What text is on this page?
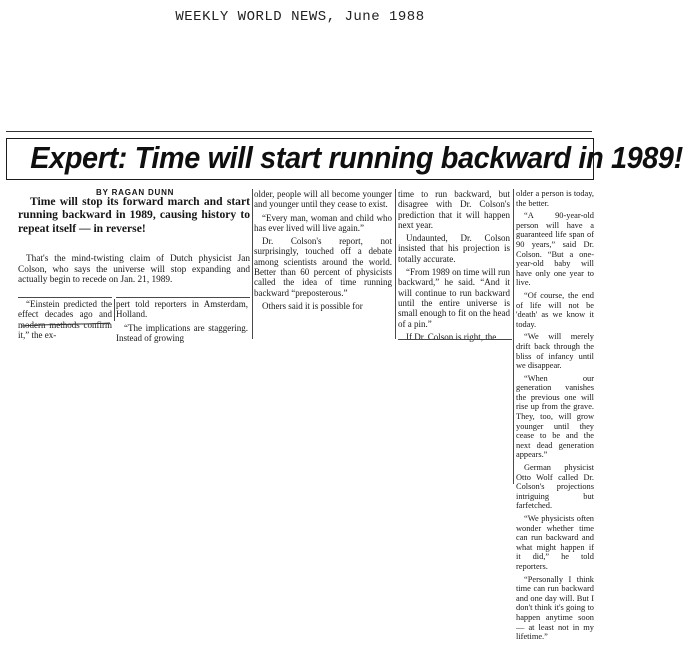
WEEKLY WORLD NEWS, June 1988
Expert: Time will start running backward in 1989!
BY RAGAN DUNN

Time will stop its forward march and start running backward in 1989, causing history to repeat itself — in reverse!

That's the mind-twisting claim of Dutch physicist Jan Colson, who says the universe will stop expanding and actually begin to recede on Jan. 21, 1989.

“Einstein predicted the effect decades ago and modern methods confirm it,” the ex-

pert told reporters in Amsterdam, Holland.

“The implications are staggering. Instead of growing

older, people will all become younger and younger until they cease to exist.

“Every man, woman and child who has ever lived will live again.”

Dr. Colson's report, not surprisingly, touched off a debate among scientists around the world. Better than 60 percent of physicists called the idea of time running backward “preposterous.”

Others said it is possible for

time to run backward, but disagree with Dr. Colson's prediction that it will happen next year.

Undaunted, Dr. Colson insisted that his projection is totally accurate.

“From 1989 on time will run backward,” he said. “And it will continue to run backward until the entire universe is small enough to fit on the head of a pin.”

If Dr. Colson is right, the

older a person is today, the better.

“A 90-year-old person will have a guaranteed life span of 90 years,” said Dr. Colson. “But a one-year-old baby will have only one year to live.

“Of course, the end of life will not be 'death' as we know it today.

“We will merely drift back through the bliss of infancy until we disappear.

“When our generation vanishes the previous one will rise up from the grave. They, too, will grow younger until they cease to be and the next dead generation appears.”

German physicist Otto Wolf called Dr. Colson's projections intriguing but farfetched.

“We physicists often wonder whether time can run backward and what might happen if it did,” he told reporters.

“Personally I think time can run backward and one day will. But I don't think it's going to happen anytime soon — at least not in my lifetime.”
